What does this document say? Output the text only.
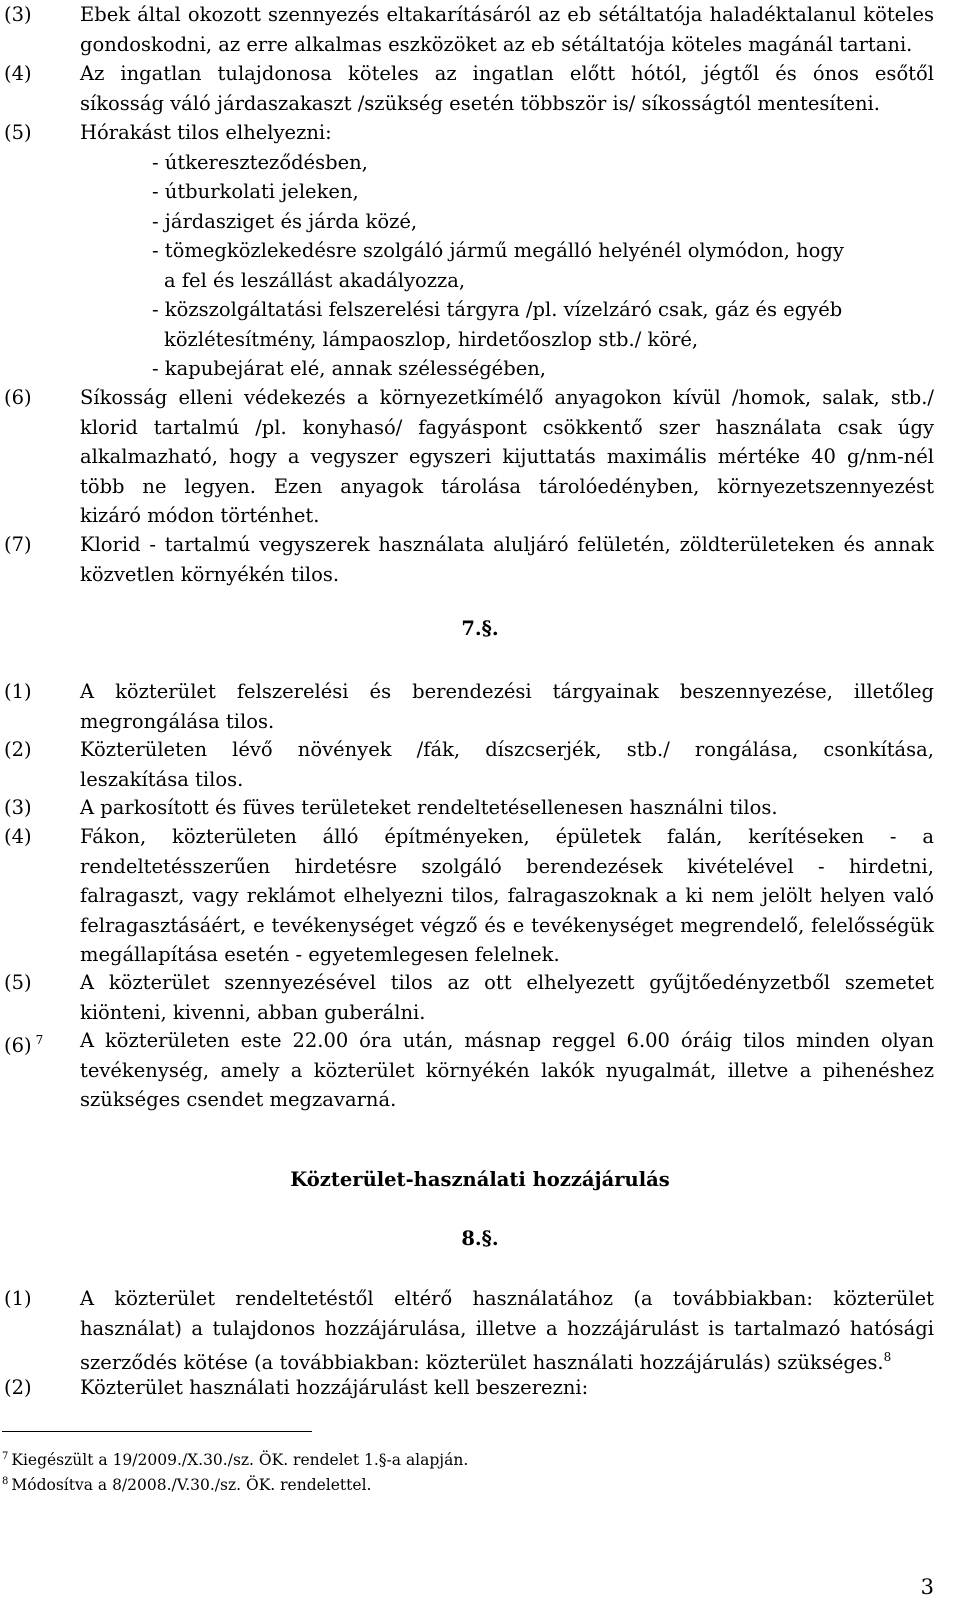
(3)	Ebek által okozott szennyezés eltakarításáról az eb sétáltatója haladéktalanul köteles
gondoskodni, az erre alkalmas eszközöket az eb sétáltatója köteles magánál tartani.
(4)	Az ingatlan tulajdonosa köteles az ingatlan előtt hótól, jégtől és ónos esőtől
síkosság váló járdaszakaszt /szükség esetén többször is/ síkosságtól mentesíteni.
(5)	Hórakást tilos elhelyezni:
- útkereszteződésben,
- útburkolati jeleken,
- járdasziget és járda közé,
- tömegközlekedésre szolgáló jármű megálló helyénél olymódon, hogy
a fel és leszállást akadályozza,
- közszolgáltatási felszerelési tárgyra /pl. vízelzáró csak, gáz és egyéb
közlétesítmény, lámpaoszlop, hirdetőoszlop stb./ köré,
- kapubejárat elé, annak szélességében,
(6)	Síkosság elleni védekezés a környezetkímélő anyagokon kívül /homok, salak, stb./
klorid tartalmú /pl. konyhasó/ fagyáspont csökkentő szer használata csak úgy
alkalmazható, hogy a vegyszer egyszeri kijuttatás maximális mértéke 40 g/nm-nél
több ne legyen. Ezen anyagok tárolása tárolóedényben, környezetszennyezést
kizáró módon történhet.
(7)	Klorid - tartalmú vegyszerek használata aluljáró felületén, zöldterületeken és annak
közvetlen környékén tilos.
7.§.
(1)	A közterület felszerelési és berendezési tárgyainak beszennyezése, illetőleg
megrongálása tilos.
(2)	Közterületen lévő növények /fák, díszcserjék, stb./ rongálása, csonkítása,
leszakítása tilos.
(3)	A parkosított és füves területeket rendeltetésellenesen használni tilos.
(4)	Fákon, közterületen álló építményeken, épületek falán, kerítéseken - a
rendeltetésszerűen hirdetésre szolgáló berendezések kivételével - hirdetni,
falragaszt, vagy reklámot elhelyezni tilos, falragaszoknak a ki nem jelölt helyen való
felragasztásáért, e tevékenységet végző és e tevékenységet megrendelő, felelősségük
megállapítása esetén - egyetemlegesen felelnek.
(5)	A közterület szennyezésével tilos az ott elhelyezett gyűjtőedényzetből szemetet
kiönteni, kivenni, abban guberálni.
(6) $^7$	A közterületen este 22.00 óra után, másnap reggel 6.00 óráig tilos minden olyan
tevékenység, amely a közterület környékén lakók nyugalmát, illetve a pihenéshez
szükséges csendet megzavarná.
Közterület-használati hozzájárulás
8.§.
(1)	A közterület rendeltetéstől eltérő használatához (a továbbiakban: közterület
használat) a tulajdonos hozzájárulása, illetve a hozzájárulást is tartalmazó hatósági
szerződés kötése (a továbbiakban: közterület használati hozzájárulás) szükséges.$^8$
(2)	Közterület használati hozzájárulást kell beszerezni:
$^7$ Kiegészült a 19/2009./X.30./sz. ÖK. rendelet 1.§-a alapján.
$^8$ Módosítva a 8/2008./V.30./sz. ÖK. rendelettel.
3
